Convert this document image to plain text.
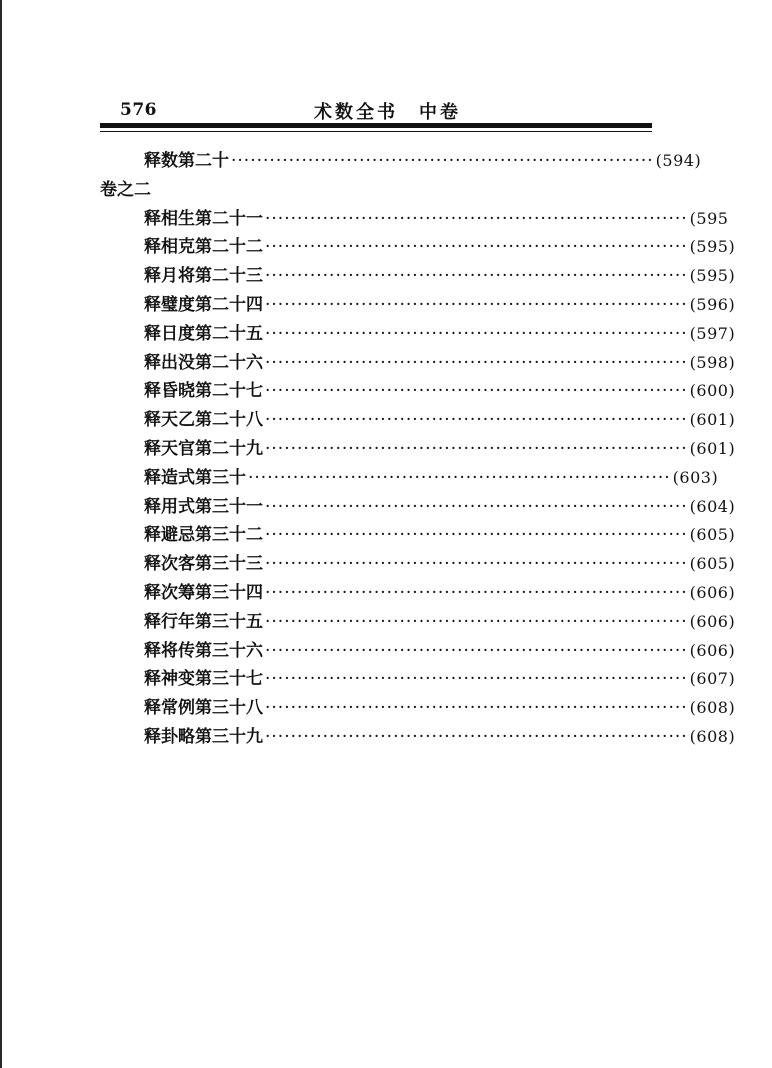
576	术数全书　中卷
释数第二十 ·································································· (594)
卷之二
释相生第二十一 ·································································· (595
释相克第二十二 ·································································· (595)
释月将第二十三 ·································································· (595)
释璧度第二十四 ·································································· (596)
释日度第二十五 ·································································· (597)
释出没第二十六 ·································································· (598)
释昏晓第二十七 ·································································· (600)
释天乙第二十八 ·································································· (601)
释天官第二十九 ·································································· (601)
释造式第三十 ·································································· (603)
释用式第三十一 ·································································· (604)
释避忌第三十二 ·································································· (605)
释次客第三十三 ·································································· (605)
释次筹第三十四 ·································································· (606)
释行年第三十五 ·································································· (606)
释将传第三十六 ·································································· (606)
释神变第三十七 ·································································· (607)
释常例第三十八 ·································································· (608)
释卦略第三十九 ·································································· (608)
